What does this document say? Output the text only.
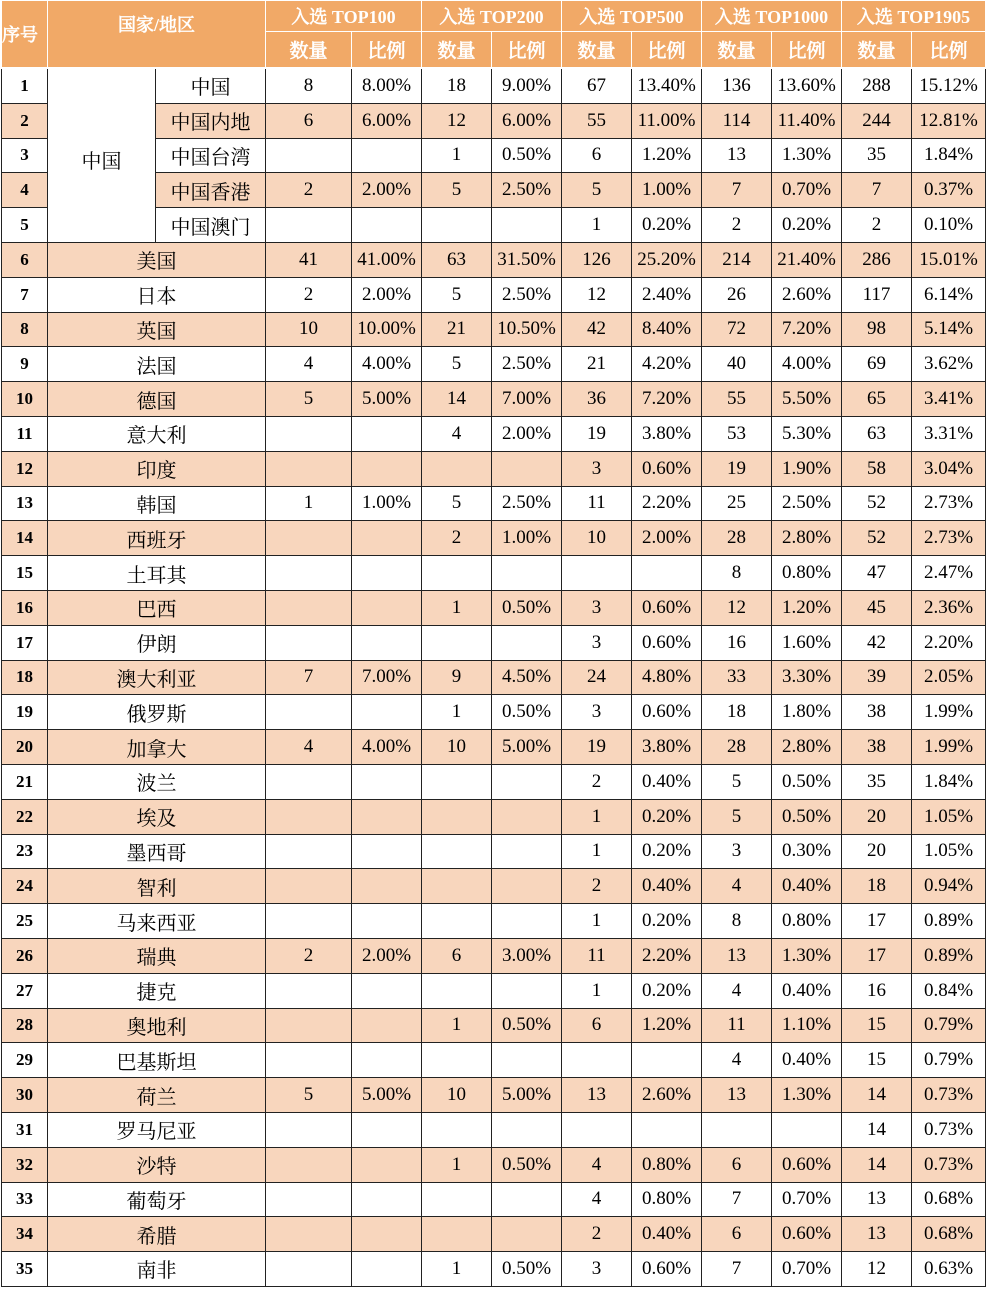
序号	国家/地区		入选 TOP100		入选 TOP200		入选 TOP500		入选 TOP1000		入选 TOP1905	
			数量	比例	数量	比例	数量	比例	数量	比例	数量	比例
1	中国	中国	8	8.00%	18	9.00%	67	13.40%	136	13.60%	288	15.12%
2		中国内地	6	6.00%	12	6.00%	55	11.00%	114	11.40%	244	12.81%
3		中国台湾			1	0.50%	6	1.20%	13	1.30%	35	1.84%
4		中国香港	2	2.00%	5	2.50%	5	1.00%	7	0.70%	7	0.37%
5		中国澳门					1	0.20%	2	0.20%	2	0.10%
6	美国		41	41.00%	63	31.50%	126	25.20%	214	21.40%	286	15.01%
7	日本		2	2.00%	5	2.50%	12	2.40%	26	2.60%	117	6.14%
8	英国		10	10.00%	21	10.50%	42	8.40%	72	7.20%	98	5.14%
9	法国		4	4.00%	5	2.50%	21	4.20%	40	4.00%	69	3.62%
10	德国		5	5.00%	14	7.00%	36	7.20%	55	5.50%	65	3.41%
11	意大利				4	2.00%	19	3.80%	53	5.30%	63	3.31%
12	印度						3	0.60%	19	1.90%	58	3.04%
13	韩国		1	1.00%	5	2.50%	11	2.20%	25	2.50%	52	2.73%
14	西班牙				2	1.00%	10	2.00%	28	2.80%	52	2.73%
15	土耳其								8	0.80%	47	2.47%
16	巴西				1	0.50%	3	0.60%	12	1.20%	45	2.36%
17	伊朗						3	0.60%	16	1.60%	42	2.20%
18	澳大利亚		7	7.00%	9	4.50%	24	4.80%	33	3.30%	39	2.05%
19	俄罗斯				1	0.50%	3	0.60%	18	1.80%	38	1.99%
20	加拿大		4	4.00%	10	5.00%	19	3.80%	28	2.80%	38	1.99%
21	波兰						2	0.40%	5	0.50%	35	1.84%
22	埃及						1	0.20%	5	0.50%	20	1.05%
23	墨西哥						1	0.20%	3	0.30%	20	1.05%
24	智利						2	0.40%	4	0.40%	18	0.94%
25	马来西亚						1	0.20%	8	0.80%	17	0.89%
26	瑞典		2	2.00%	6	3.00%	11	2.20%	13	1.30%	17	0.89%
27	捷克						1	0.20%	4	0.40%	16	0.84%
28	奥地利				1	0.50%	6	1.20%	11	1.10%	15	0.79%
29	巴基斯坦								4	0.40%	15	0.79%
30	荷兰		5	5.00%	10	5.00%	13	2.60%	13	1.30%	14	0.73%
31	罗马尼亚										14	0.73%
32	沙特				1	0.50%	4	0.80%	6	0.60%	14	0.73%
33	葡萄牙						4	0.80%	7	0.70%	13	0.68%
34	希腊						2	0.40%	6	0.60%	13	0.68%
35	南非				1	0.50%	3	0.60%	7	0.70%	12	0.63%
